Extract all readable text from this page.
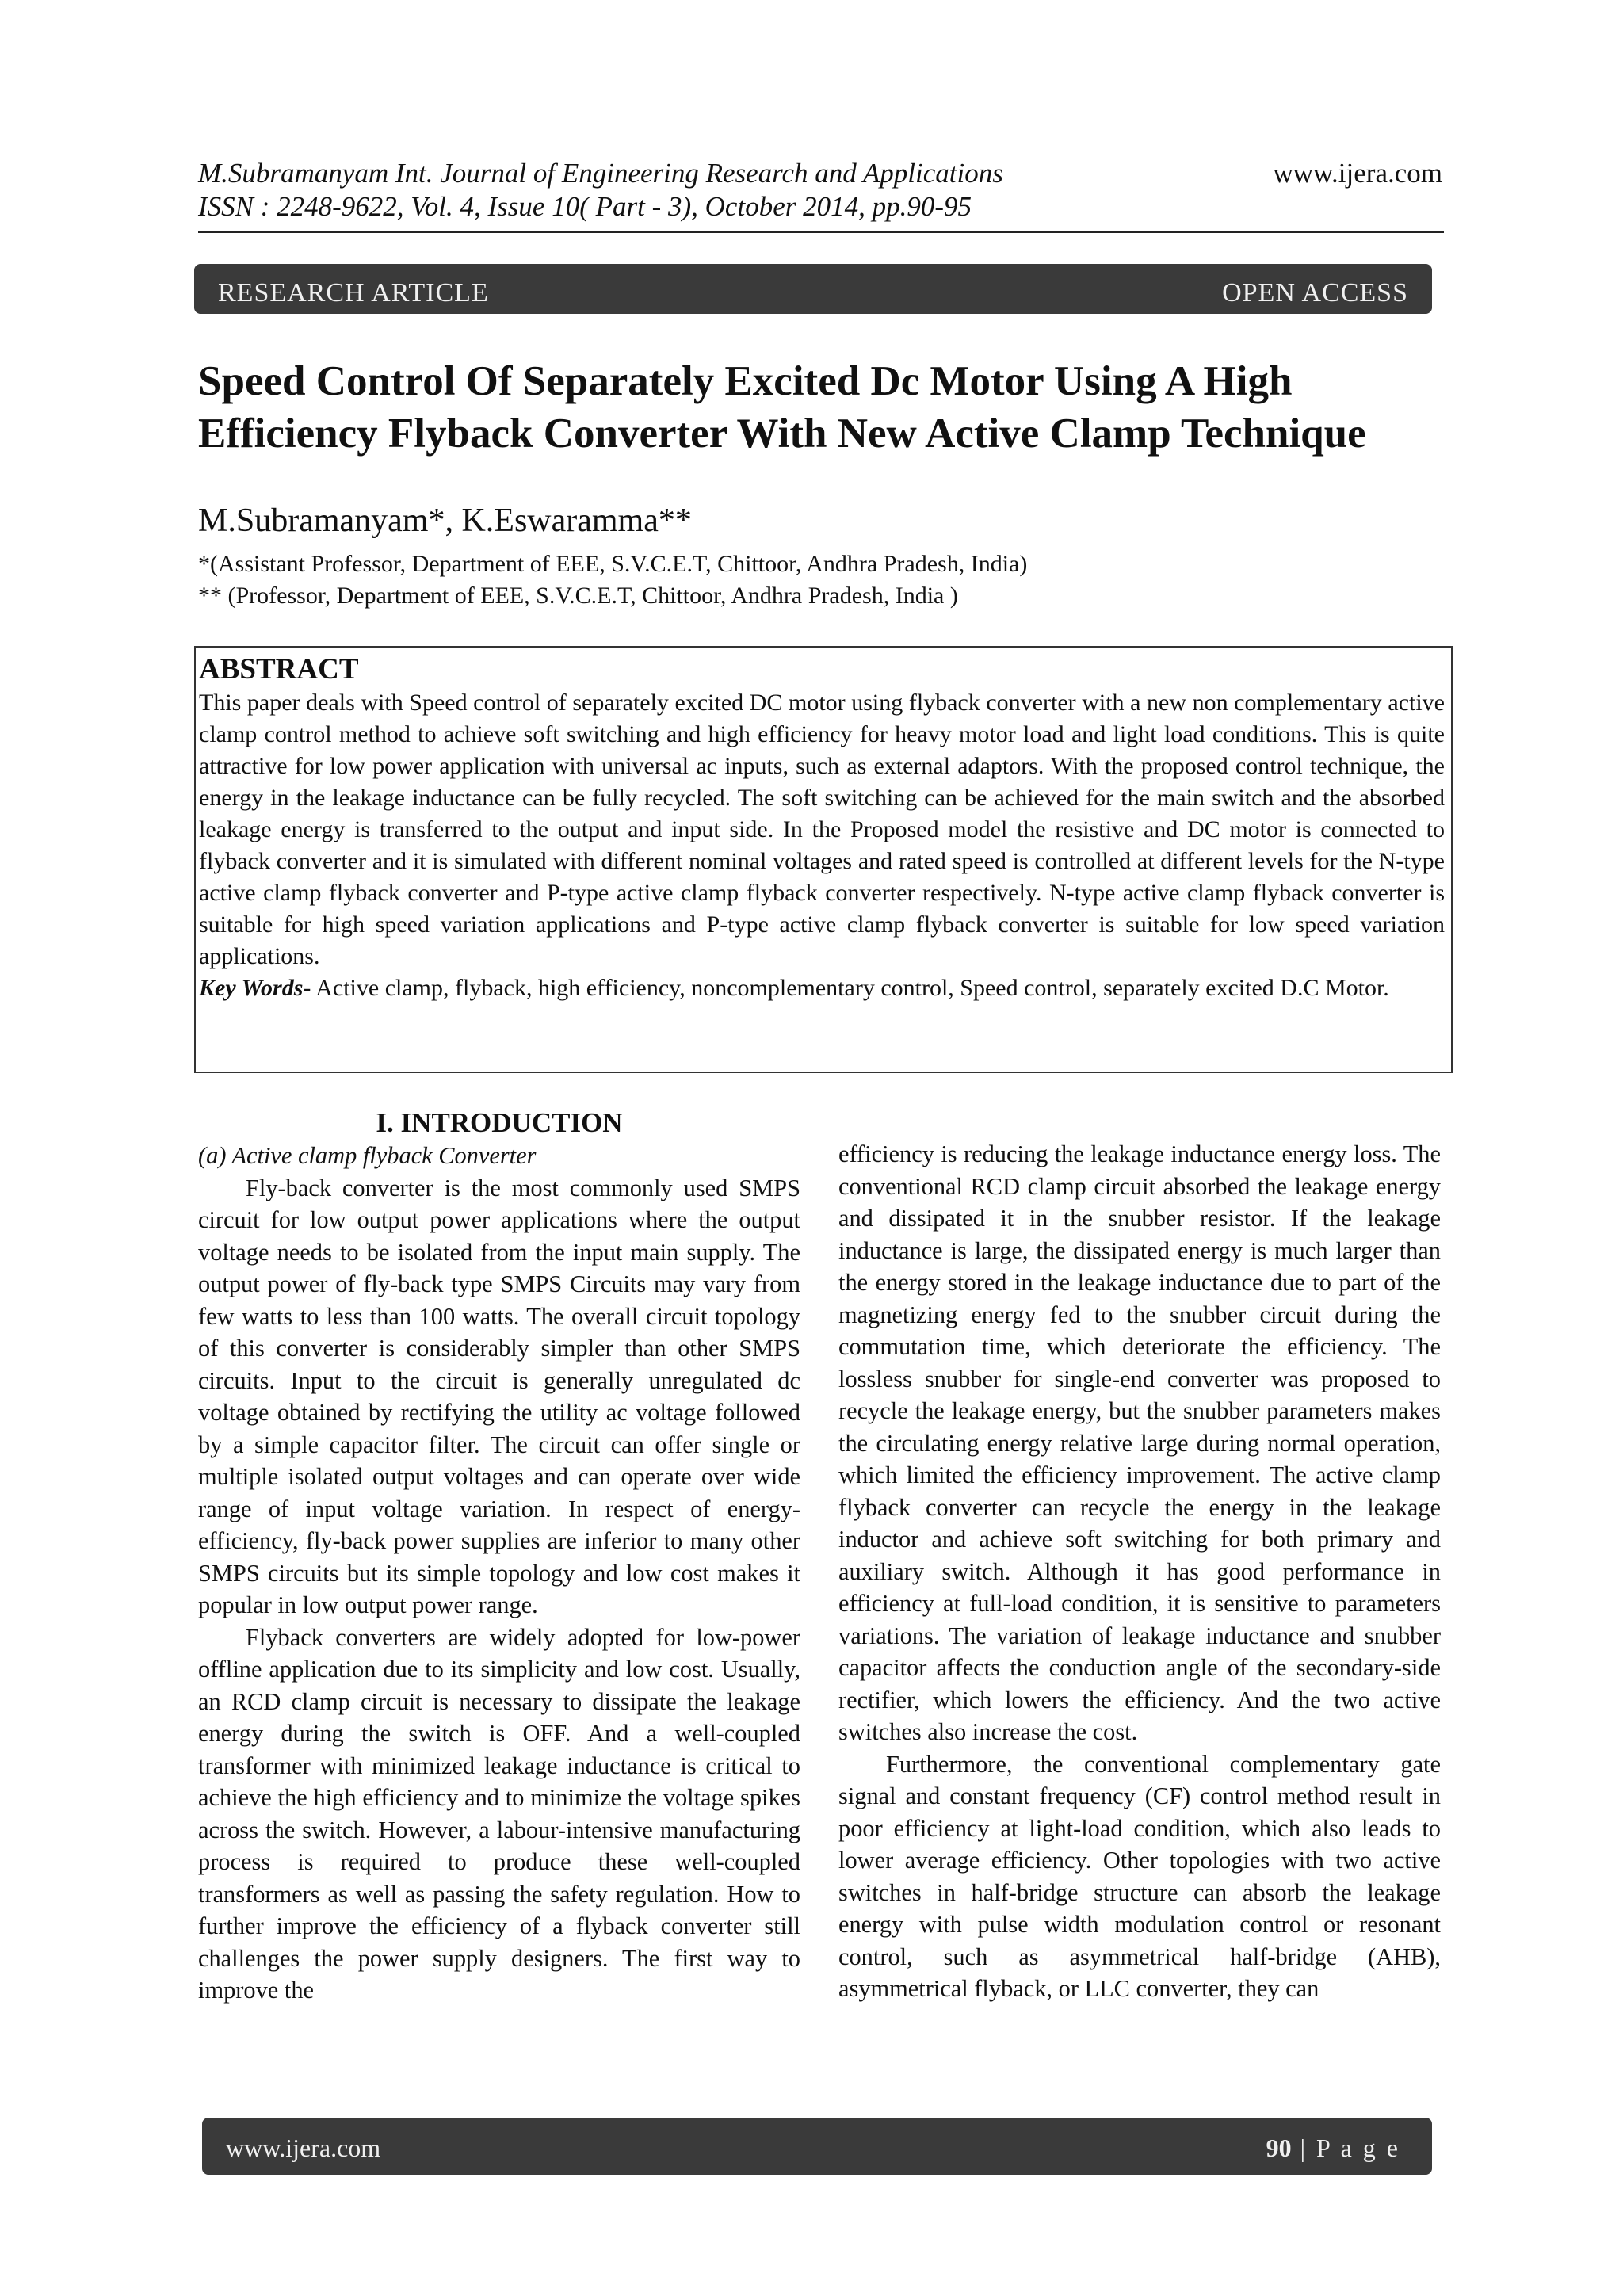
M.Subramanyam Int. Journal of Engineering Research and Applications
ISSN : 2248-9622, Vol. 4, Issue 10( Part - 3), October 2014, pp.90-95
www.ijera.com
RESEARCH ARTICLE	OPEN ACCESS
Speed Control Of Separately Excited Dc Motor Using A High Efficiency Flyback Converter With New Active Clamp Technique
M.Subramanyam*, K.Eswaramma**
*(Assistant Professor, Department of EEE, S.V.C.E.T, Chittoor, Andhra Pradesh, India)
** (Professor, Department of EEE, S.V.C.E.T, Chittoor, Andhra Pradesh, India )
ABSTRACT
This paper deals with Speed control of separately excited DC motor using flyback converter with a new non complementary active clamp control method to achieve soft switching and high efficiency for heavy motor load and light load conditions. This is quite attractive for low power application with universal ac inputs, such as external adaptors. With the proposed control technique, the energy in the leakage inductance can be fully recycled. The soft switching can be achieved for the main switch and the absorbed leakage energy is transferred to the output and input side. In the Proposed model the resistive and DC motor is connected to flyback converter and it is simulated with different nominal voltages and rated speed is controlled at different levels for the N-type active clamp flyback converter and P-type active clamp flyback converter respectively. N-type active clamp flyback converter is suitable for high speed variation applications and P-type active clamp flyback converter is suitable for low speed variation applications.
Key Words- Active clamp, flyback, high efficiency, noncomplementary control, Speed control, separately excited D.C Motor.
I. INTRODUCTION
(a) Active clamp flyback Converter

Fly-back converter is the most commonly used SMPS circuit for low output power applications where the output voltage needs to be isolated from the input main supply. The output power of fly-back type SMPS Circuits may vary from few watts to less than 100 watts. The overall circuit topology of this converter is considerably simpler than other SMPS circuits. Input to the circuit is generally unregulated dc voltage obtained by rectifying the utility ac voltage followed by a simple capacitor filter. The circuit can offer single or multiple isolated output voltages and can operate over wide range of input voltage variation. In respect of energy-efficiency, fly-back power supplies are inferior to many other SMPS circuits but its simple topology and low cost makes it popular in low output power range.

Flyback converters are widely adopted for low-power offline application due to its simplicity and low cost. Usually, an RCD clamp circuit is necessary to dissipate the leakage energy during the switch is OFF. And a well-coupled transformer with minimized leakage inductance is critical to achieve the high efficiency and to minimize the voltage spikes across the switch. However, a labour-intensive manufacturing process is required to produce these well-coupled transformers as well as passing the safety regulation. How to further improve the efficiency of a flyback converter still challenges the power supply designers. The first way to improve the

efficiency is reducing the leakage inductance energy loss. The conventional RCD clamp circuit absorbed the leakage energy and dissipated it in the snubber resistor. If the leakage inductance is large, the dissipated energy is much larger than the energy stored in the leakage inductance due to part of the magnetizing energy fed to the snubber circuit during the commutation time, which deteriorate the efficiency. The lossless snubber for single-end converter was proposed to recycle the leakage energy, but the snubber parameters makes the circulating energy relative large during normal operation, which limited the efficiency improvement. The active clamp flyback converter can recycle the energy in the leakage inductor and achieve soft switching for both primary and auxiliary switch. Although it has good performance in efficiency at full-load condition, it is sensitive to parameters variations. The variation of leakage inductance and snubber capacitor affects the conduction angle of the secondary-side rectifier, which lowers the efficiency. And the two active switches also increase the cost.

Furthermore, the conventional complementary gate signal and constant frequency (CF) control method result in poor efficiency at light-load condition, which also leads to lower average efficiency. Other topologies with two active switches in half-bridge structure can absorb the leakage energy with pulse width modulation control or resonant control, such as asymmetrical half-bridge (AHB), asymmetrical flyback, or LLC converter, they can

www.ijera.com	90 | P a g e
